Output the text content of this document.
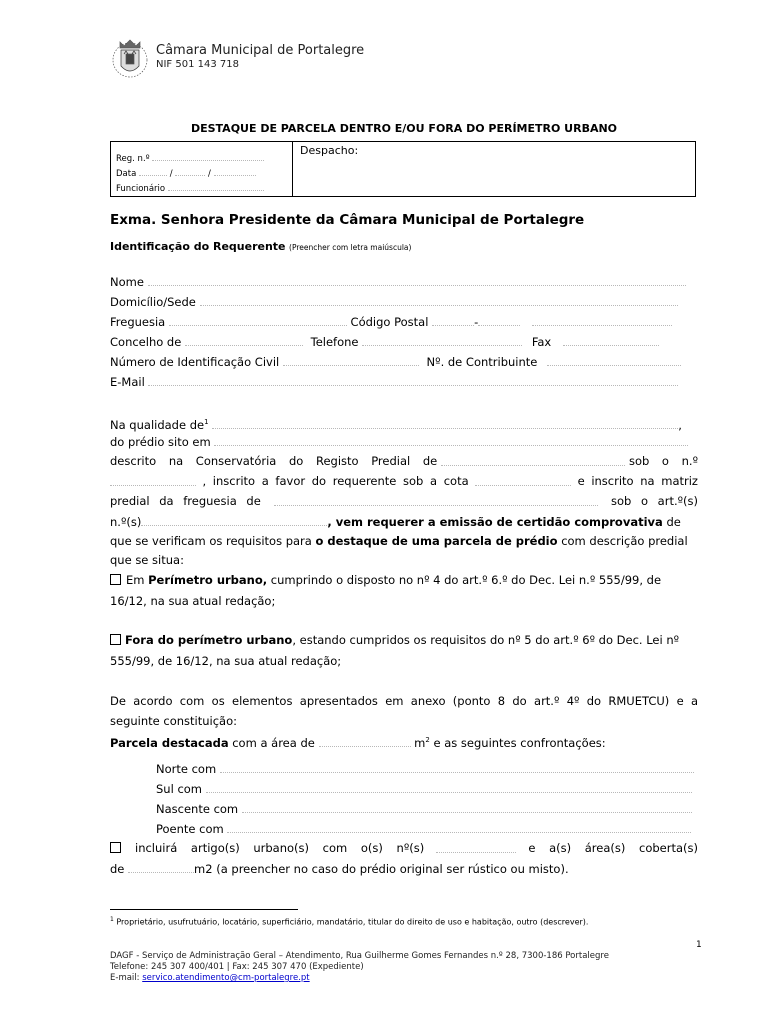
Câmara Municipal de Portalegre
NIF 501 143 718
DESTAQUE DE PARCELA DENTRO E/OU FORA DO PERÍMETRO URBANO
Reg. n.º
Data	/	/
Funcionário
Despacho:
Exma. Senhora Presidente da Câmara Municipal de Portalegre
Identificação do Requerente (Preencher com letra maiúscula)
Nome
Domicílio/Sede
Freguesia	Código Postal	-
Concelho de	Telefone	Fax
Número de Identificação Civil	Nº. de Contribuinte
E-Mail
Na qualidade $de^1$	,
do prédio sito em
descrito na Conservatória do Registo Predial de	sob o n.º
, inscrito a favor do requerente sob a cota	e inscrito na matriz
predial da freguesia de	sob o art.º(s)
n.º(s)	, vem requerer a emissão de certidão comprovativa de
que se verificam os requisitos para o destaque de uma parcela de prédio com descrição predial
que se situa:
Em Perímetro urbano, cumprindo o disposto no nº 4 do art.º 6.º do Dec. Lei n.º 555/99, de
16/12, na sua atual redação;
Fora do perímetro urbano, estando cumpridos os requisitos do nº 5 do art.º 6º do Dec. Lei nº
555/99, de 16/12, na sua atual redação;
De acordo com os elementos apresentados em anexo (ponto 8 do art.º 4º do RMUETCU) e a
seguinte constituição:
Parcela destacada com a área de	$m^2$ e as seguintes confrontações:
Norte com
Sul com
Nascente com
Poente com
incluirá artigo(s) urbano(s) com o(s) nº(s)	e a(s) área(s) coberta(s)
de	m2 (a preencher no caso do prédio original ser rústico ou misto).
$^1$ Proprietário, usufrutuário, locatário, superficiário, mandatário, titular do direito de uso e habitação, outro (descrever).
1
DAGF - Serviço de Administração Geral – Atendimento, Rua Guilherme Gomes Fernandes n.º 28, 7300-186 Portalegre
Telefone: 245 307 400/401 | Fax: 245 307 470 (Expediente)
E-mail: servico.atendimento@cm-portalegre.pt
